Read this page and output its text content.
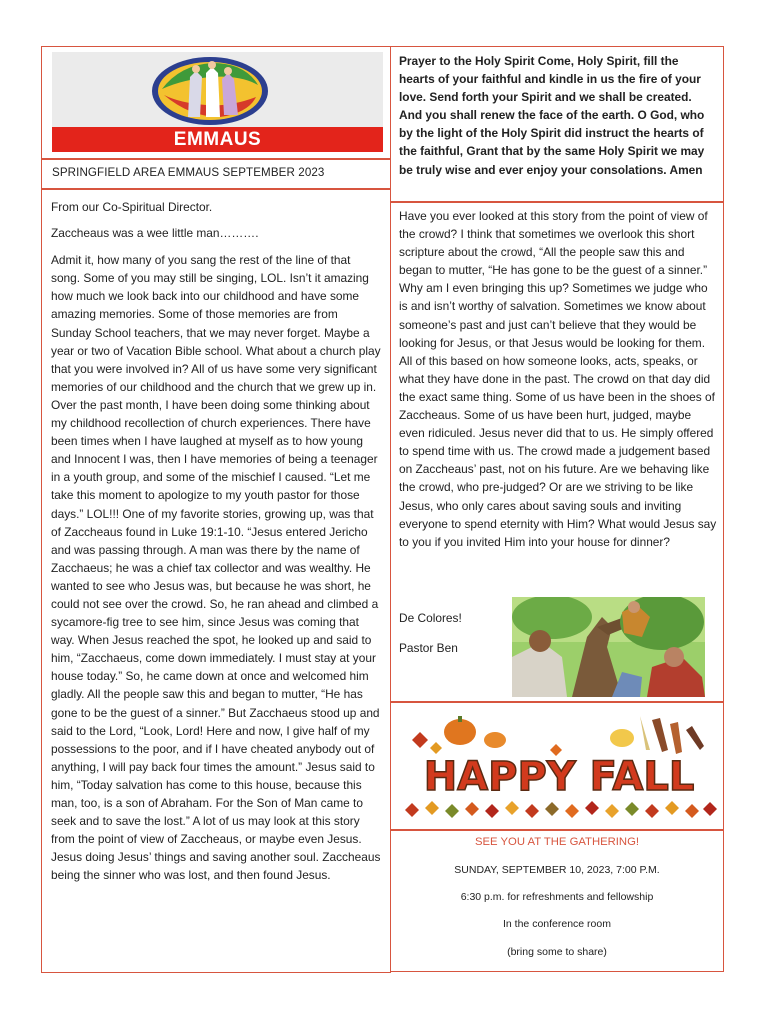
EMMAUS
SPRINGFIELD AREA EMMAUS SEPTEMBER 2023

From our Co-Spiritual Director.

Zaccheaus was a wee little man……….

Admit it, how many of you sang the rest of the line of that song. Some of you may still be singing, LOL. Isn’t it amazing how much we look back into our childhood and have some amazing memories. Some of those memories are from Sunday School teachers, that we may never forget. Maybe a year or two of Vacation Bible school. What about a church play that you were involved in? All of us have some very significant memories of our childhood and the church that we grew up in. Over the past month, I have been doing some thinking about my childhood recollection of church experiences. There have been times when I have laughed at myself as to how young and Innocent I was, then I have memories of being a teenager in a youth group, and some of the mischief I caused. “Let me take this moment to apologize to my youth pastor for those days.” LOL!!! One of my favorite stories, growing up, was that of Zaccheaus found in Luke 19:1-10. “Jesus entered Jericho and was passing through. A man was there by the name of Zacchaeus; he was a chief tax collector and was wealthy. He wanted to see who Jesus was, but because he was short, he could not see over the crowd. So, he ran ahead and climbed a sycamore-fig tree to see him, since Jesus was coming that way. When Jesus reached the spot, he looked up and said to him, “Zacchaeus, come down immediately. I must stay at your house today.” So, he came down at once and welcomed him gladly. All the people saw this and began to mutter, “He has gone to be the guest of a sinner.” But Zacchaeus stood up and said to the Lord, “Look, Lord! Here and now, I give half of my possessions to the poor, and if I have cheated anybody out of anything, I will pay back four times the amount.” Jesus said to him, “Today salvation has come to this house, because this man, too, is a son of Abraham. For the Son of Man came to seek and to save the lost.” A lot of us may look at this story from the point of view of Zaccheaus, or maybe even Jesus. Jesus doing Jesus’ things and saving another soul. Zaccheaus being the sinner who was lost, and then found Jesus.

Prayer to the Holy Spirit Come, Holy Spirit, fill the hearts of your faithful and kindle in us the fire of your love. Send forth your Spirit and we shall be created. And you shall renew the face of the earth. O God, who by the light of the Holy Spirit did instruct the hearts of the faithful, Grant that by the same Holy Spirit we may be truly wise and ever enjoy your consolations. Amen

Have you ever looked at this story from the point of view of the crowd? I think that sometimes we overlook this short scripture about the crowd, “All the people saw this and began to mutter, “He has gone to be the guest of a sinner.” Why am I even bringing this up? Sometimes we judge who is and isn’t worthy of salvation. Sometimes we know about someone’s past and just can’t believe that they would be looking for Jesus, or that Jesus would be looking for them. All of this based on how someone looks, acts, speaks, or what they have done in the past. The crowd on that day did the exact same thing. Some of us have been in the shoes of Zaccheaus. Some of us have been hurt, judged, maybe even ridiculed. Jesus never did that to us. He simply offered to spend time with us. The crowd made a judgement based on Zaccheaus’ past, not on his future. Are we behaving like the crowd, who pre-judged? Or are we striving to be like Jesus, who only cares about saving souls and inviting everyone to spend eternity with Him? What would Jesus say to you if you invited Him into your house for dinner?

De Colores!
Pastor Ben
HAPPY FALL
SEE YOU AT THE GATHERING!
SUNDAY, SEPTEMBER 10, 2023, 7:00 P.M.
6:30 p.m. for refreshments and fellowship
In the conference room
(bring some to share)
